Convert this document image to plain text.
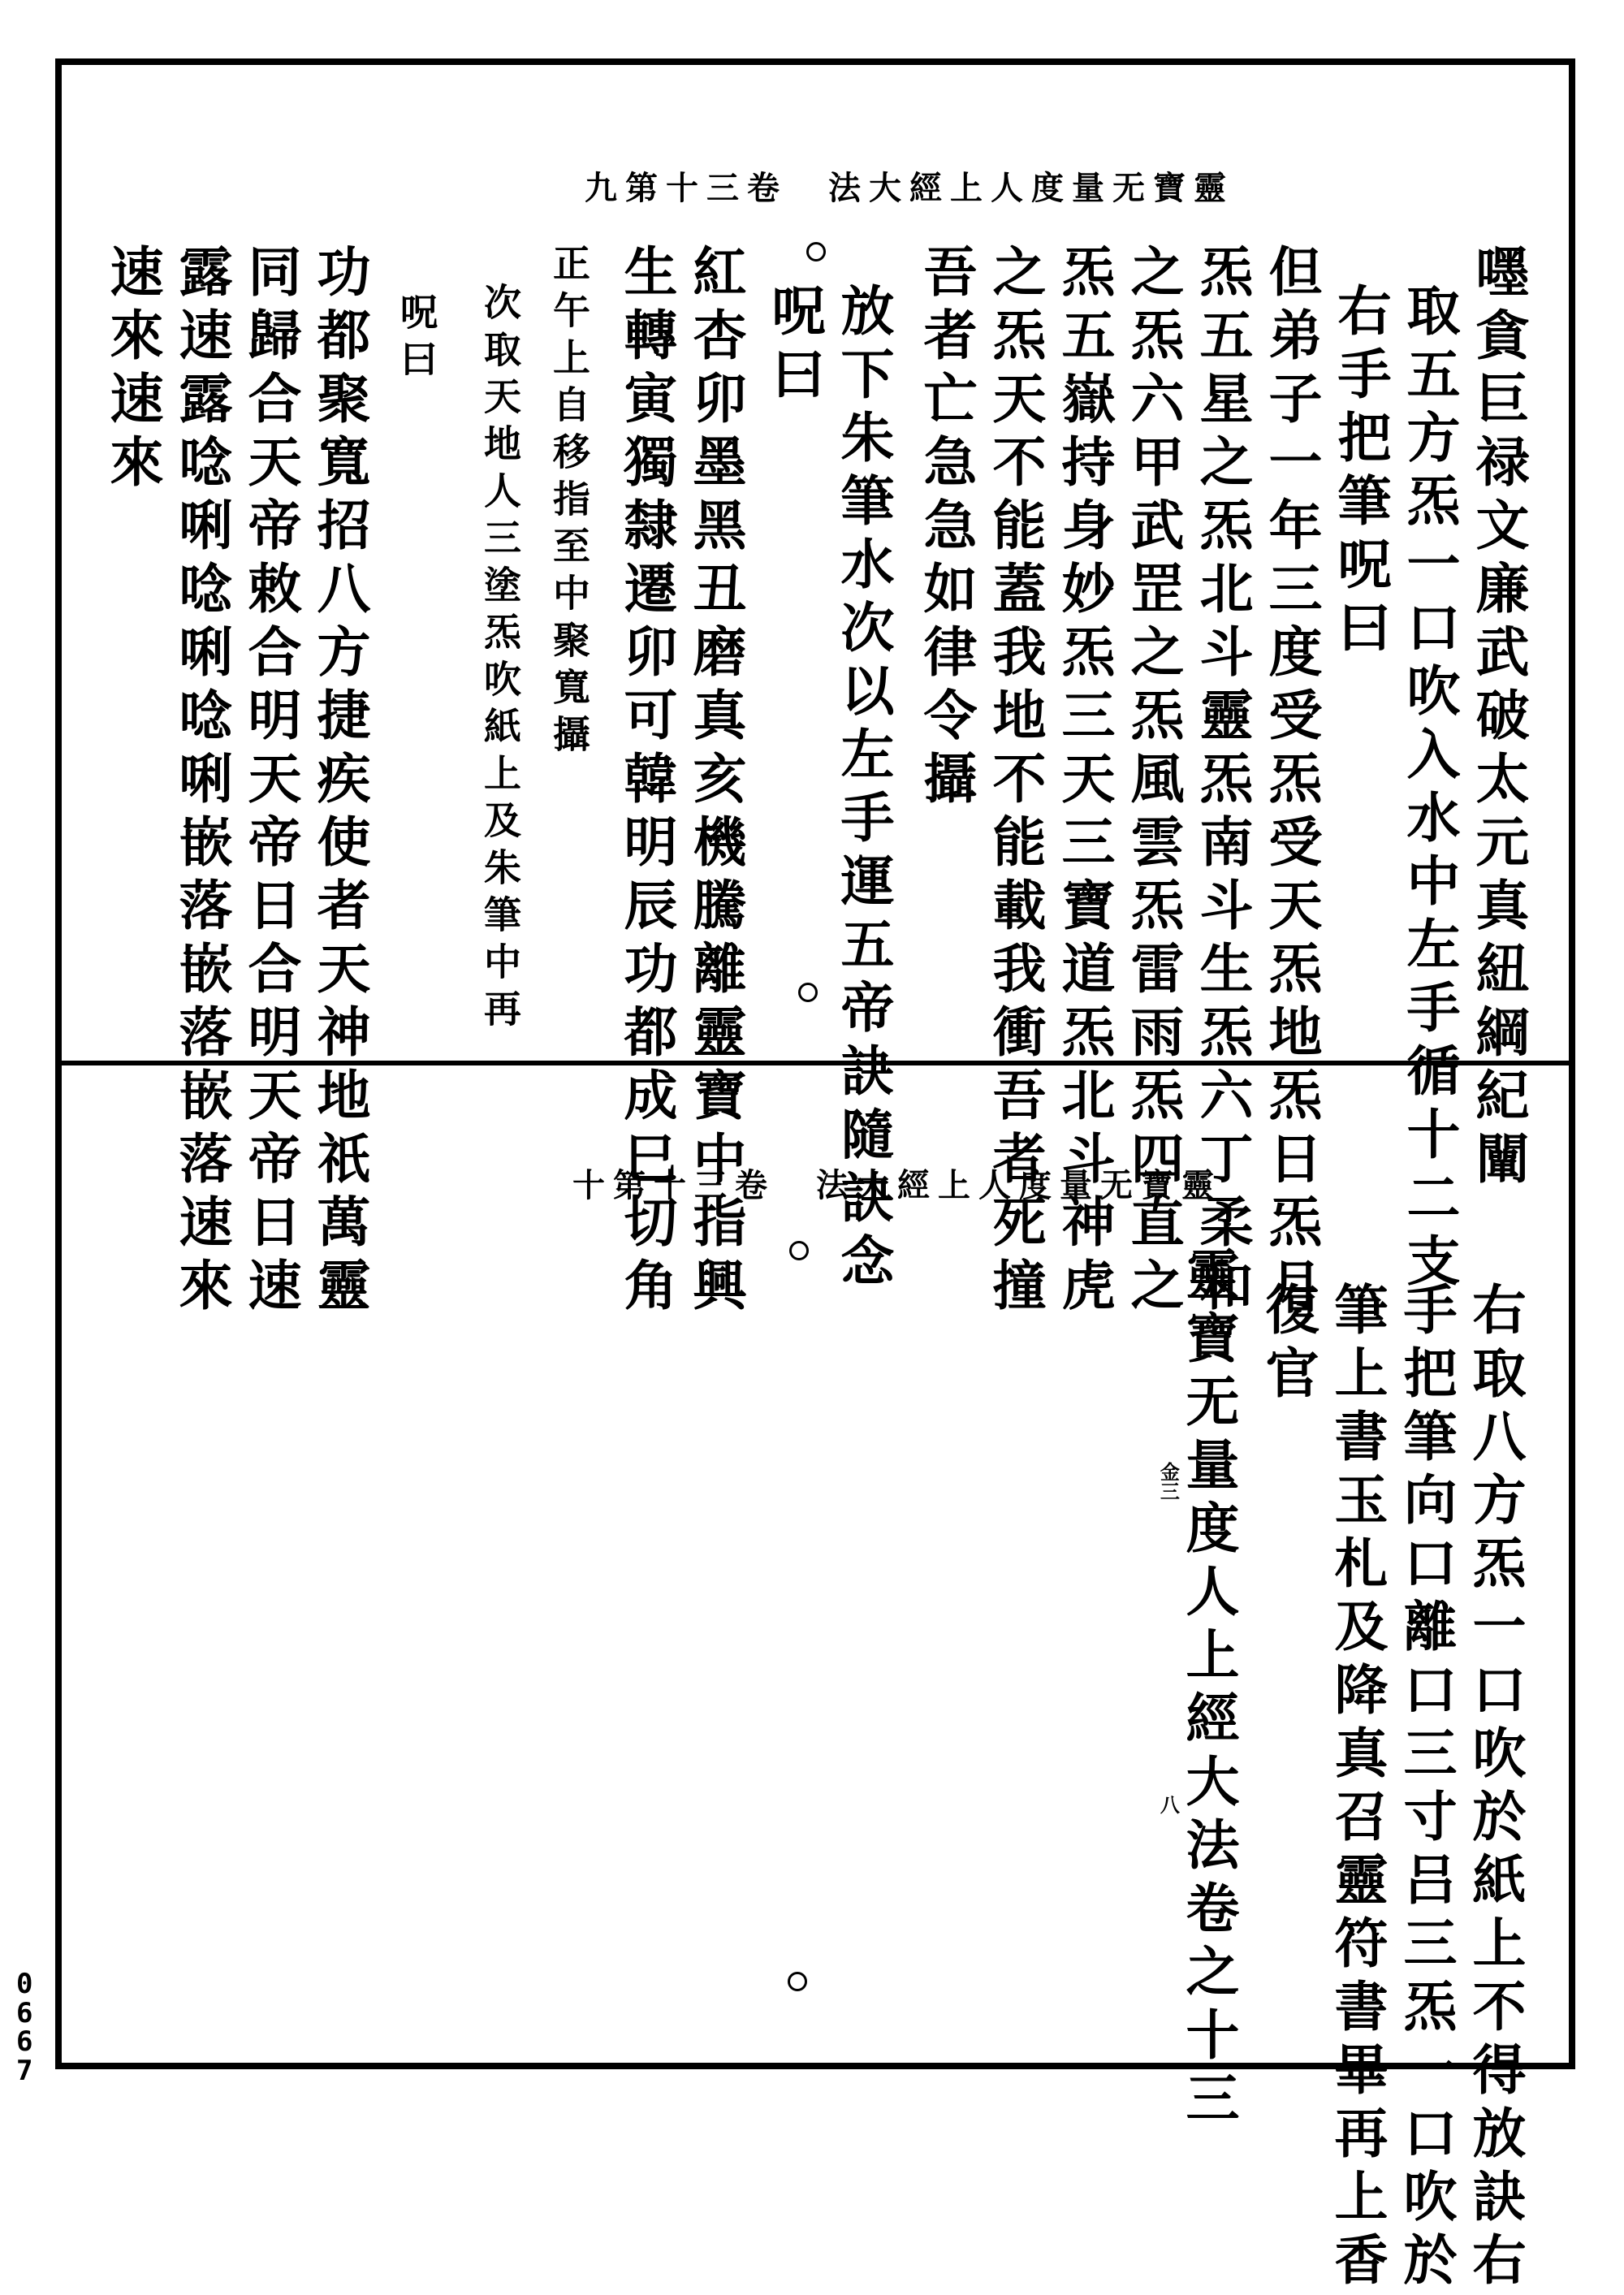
靈寶无量度人上經大法　卷三十第九
嚜貪巨禄文廉武破太元真紐綱紀闡
取五方炁一口吹入水中左手循十二支
右手把筆呪曰
但弟子一年三度受炁受天炁地炁日炁月
炁五星之炁北斗靈炁南斗生炁六丁柔和
之炁六甲武罡之炁風雲炁雷雨炁四直之
炁五嶽持身妙炁三天三寶道炁北斗神虎
之炁天不能蓋我地不能載我衝吾者死撞
吾者亡急急如律令攝
放下朱筆水次以左手運五帝訣隨訣念
呪曰
紅杏卯墨黑丑磨真亥機騰離靈寶中指興
生轉寅獨隸遷卯可韓明辰功都成巳切角
正午上自移指至中聚寬攝
次取天地人三塗炁吹紙上及朱筆中再
呪曰
功都聚寬招八方捷疾使者天神地祇萬靈
同歸合天帝敕合明天帝日合明天帝日速
露速露唸唎唸唎唸唎嵌落嵌落嵌落速來
速來速來
靈寶无量度人上經大法　卷三十第十
右取八方炁一口吹於紙上不得放訣右
手把筆向口離口三寸吕三炁一口吹於
筆上書玉札及降真召靈符書畢再上香
復官
靈寶无量度人上經大法卷之十三
金三
八
0667
